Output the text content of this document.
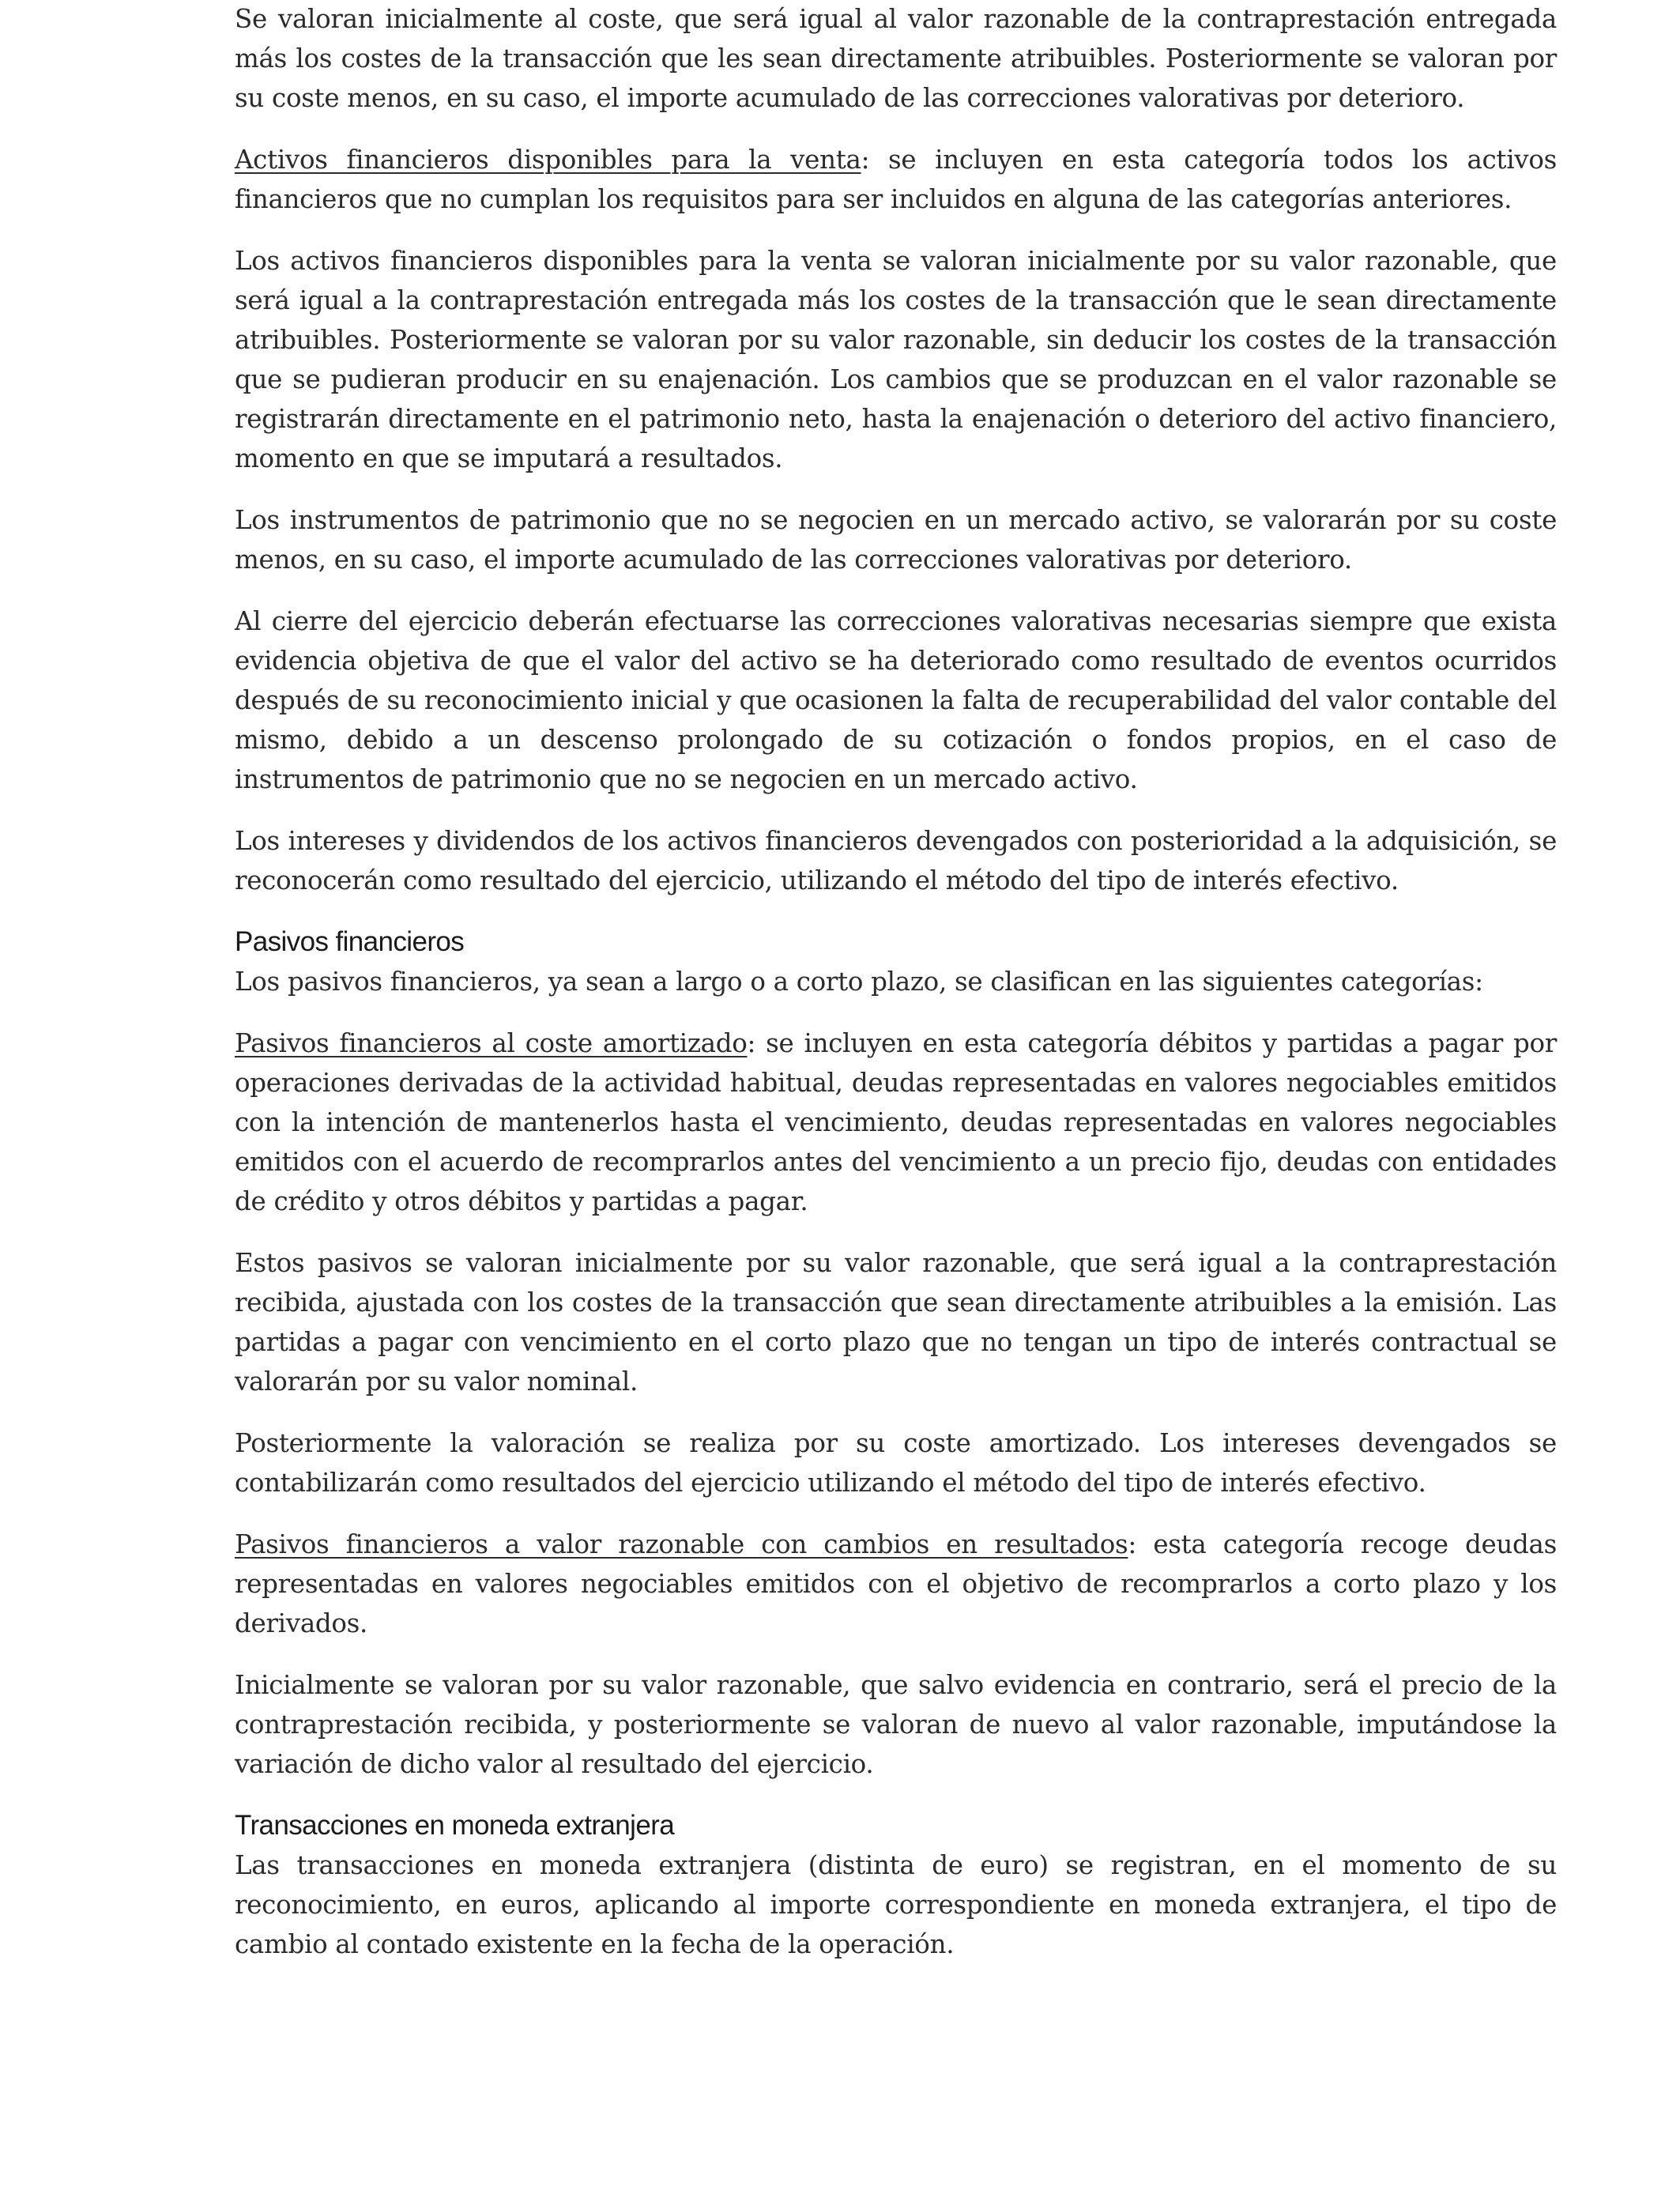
Se valoran inicialmente al coste, que será igual al valor razonable de la contraprestación entregada más los costes de la transacción que les sean directamente atribuibles. Posteriormente se valoran por su coste menos, en su caso, el importe acumulado de las correcciones valorativas por deterioro.

Activos financieros disponibles para la venta: se incluyen en esta categoría todos los activos financieros que no cumplan los requisitos para ser incluidos en alguna de las categorías anteriores.

Los activos financieros disponibles para la venta se valoran inicialmente por su valor razonable, que será igual a la contraprestación entregada más los costes de la transacción que le sean directamente atribuibles. Posteriormente se valoran por su valor razonable, sin deducir los costes de la transacción que se pudieran producir en su enajenación. Los cambios que se produzcan en el valor razonable se registrarán directamente en el patrimonio neto, hasta la enajenación o deterioro del activo financiero, momento en que se imputará a resultados.

Los instrumentos de patrimonio que no se negocien en un mercado activo, se valorarán por su coste menos, en su caso, el importe acumulado de las correcciones valorativas por deterioro.

Al cierre del ejercicio deberán efectuarse las correcciones valorativas necesarias siempre que exista evidencia objetiva de que el valor del activo se ha deteriorado como resultado de eventos ocurridos después de su reconocimiento inicial y que ocasionen la falta de recuperabilidad del valor contable del mismo, debido a un descenso prolongado de su cotización o fondos propios, en el caso de instrumentos de patrimonio que no se negocien en un mercado activo.

Los intereses y dividendos de los activos financieros devengados con posterioridad a la adquisición, se reconocerán como resultado del ejercicio, utilizando el método del tipo de interés efectivo.

Pasivos financieros

Los pasivos financieros, ya sean a largo o a corto plazo, se clasifican en las siguientes categorías:

Pasivos financieros al coste amortizado: se incluyen en esta categoría débitos y partidas a pagar por operaciones derivadas de la actividad habitual, deudas representadas en valores negociables emitidos con la intención de mantenerlos hasta el vencimiento, deudas representadas en valores negociables emitidos con el acuerdo de recomprarlos antes del vencimiento a un precio fijo, deudas con entidades de crédito y otros débitos y partidas a pagar.

Estos pasivos se valoran inicialmente por su valor razonable, que será igual a la contraprestación recibida, ajustada con los costes de la transacción que sean directamente atribuibles a la emisión. Las partidas a pagar con vencimiento en el corto plazo que no tengan un tipo de interés contractual se valorarán por su valor nominal.

Posteriormente la valoración se realiza por su coste amortizado. Los intereses devengados se contabilizarán como resultados del ejercicio utilizando el método del tipo de interés efectivo.

Pasivos financieros a valor razonable con cambios en resultados: esta categoría recoge deudas representadas en valores negociables emitidos con el objetivo de recomprarlos a corto plazo y los derivados.

Inicialmente se valoran por su valor razonable, que salvo evidencia en contrario, será el precio de la contraprestación recibida, y posteriormente se valoran de nuevo al valor razonable, imputándose la variación de dicho valor al resultado del ejercicio.

Transacciones en moneda extranjera

Las transacciones en moneda extranjera (distinta de euro) se registran, en el momento de su reconocimiento, en euros, aplicando al importe correspondiente en moneda extranjera, el tipo de cambio al contado existente en la fecha de la operación.
